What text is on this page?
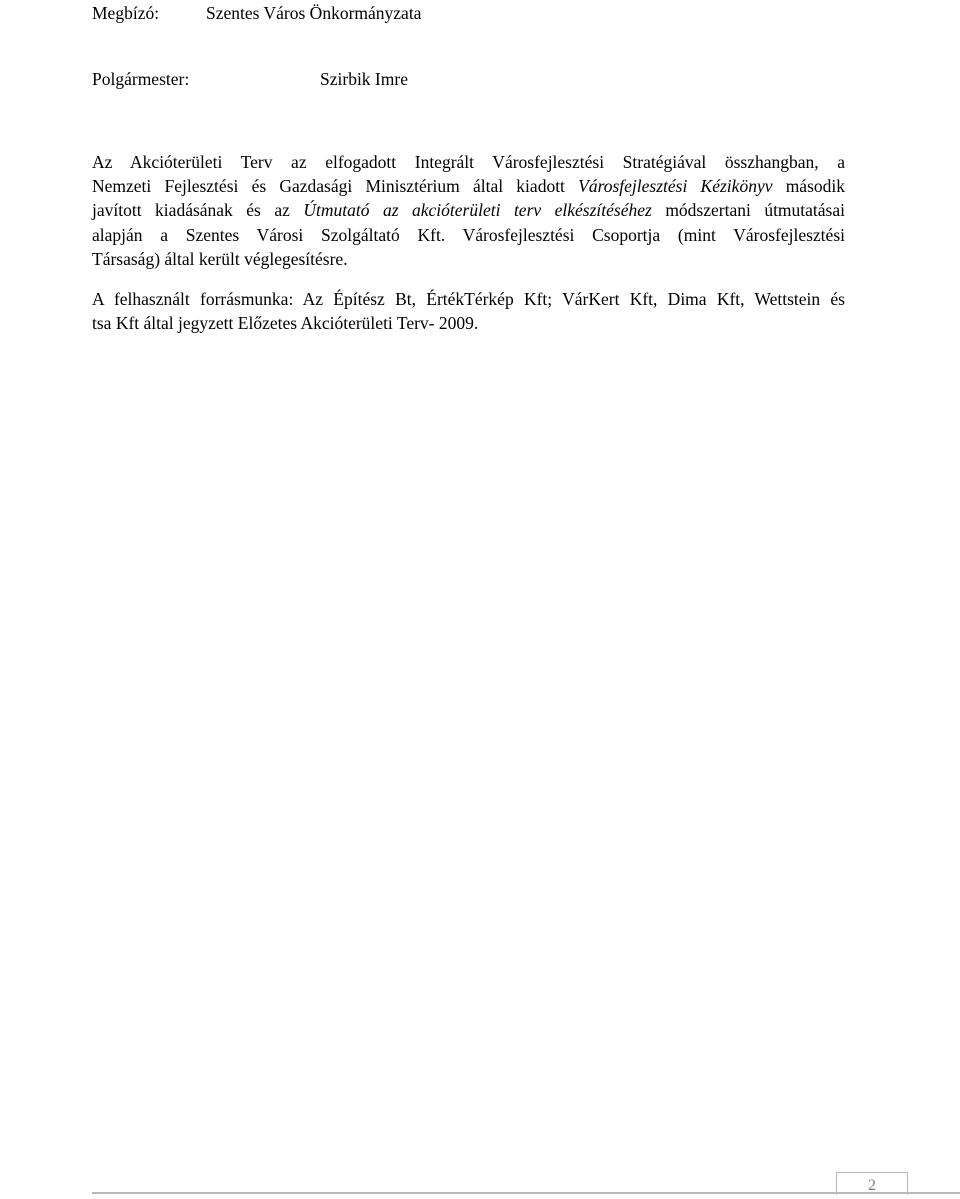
Megbízó:	Szentes Város Önkormányzata
Polgármester:	Szirbik Imre

Az Akcióterületi Terv az elfogadott Integrált Városfejlesztési Stratégiával összhangban, a
Nemzeti Fejlesztési és Gazdasági Minisztérium által kiadott Városfejlesztési Kézikönyv második
javított kiadásának és az Útmutató az akcióterületi terv elkészítéséhez módszertani útmutatásai
alapján a Szentes Városi Szolgáltató Kft. Városfejlesztési Csoportja (mint Városfejlesztési
Társaság) által került véglegesítésre.

A felhasznált forrásmunka: Az Építész Bt, ÉrtékTérkép Kft; VárKert Kft, Dima Kft, Wettstein és
tsa Kft által jegyzett Előzetes Akcióterületi Terv- 2009.

2
